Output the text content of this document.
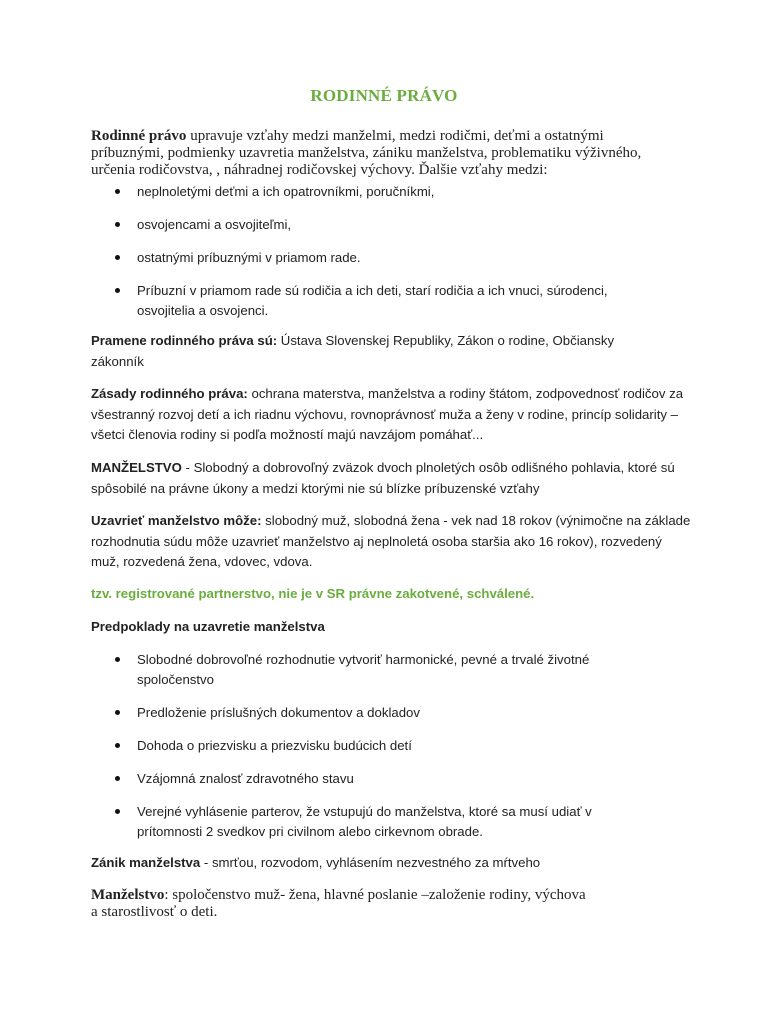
RODINNÉ PRÁVO
Rodinné právo upravuje vzťahy medzi manželmi, medzi rodičmi, deťmi a ostatnými
príbuznými, podmienky uzavretia manželstva, zániku manželstva, problematiku výživného,
určenia rodičovstva, , náhradnej rodičovskej výchovy. Ďalšie vzťahy medzi:
neplnoletými deťmi a ich opatrovníkmi, poručníkmi,
osvojencami a osvojiteľmi,
ostatnými príbuznými v priamom rade.
Príbuzní v priamom rade sú rodičia a ich deti, starí rodičia a ich vnuci, súrodenci, osvojitelia a osvojenci.
Pramene rodinného práva sú: Ústava Slovenskej Republiky, Zákon o rodine, Občiansky zákonník
Zásady rodinného práva: ochrana materstva, manželstva a rodiny štátom, zodpovednosť rodičov za všestranný rozvoj detí a ich riadnu výchovu, rovnoprávnosť muža a ženy v rodine, princíp solidarity – všetci členovia rodiny si podľa možností majú navzájom pomáhať...
MANŽELSTVO - Slobodný a dobrovoľný zväzok dvoch plnoletých osôb odlišného pohlavia, ktoré sú spôsobilé na právne úkony a medzi ktorými nie sú blízke príbuzenské vzťahy
Uzavrieť manželstvo môže: slobodný muž, slobodná žena - vek nad 18 rokov (výnimočne na základe rozhodnutia súdu môže uzavrieť manželstvo aj neplnoletá osoba staršia ako 16 rokov), rozvedený muž, rozvedená žena, vdovec, vdova.
tzv. registrované partnerstvo, nie je v SR právne zakotvené, schválené.
Predpoklady na uzavretie manželstva
Slobodné dobrovoľné rozhodnutie vytvoriť harmonické, pevné a trvalé životné spoločenstvo
Predloženie príslušných dokumentov a dokladov
Dohoda o priezvisku a priezvisku budúcich detí
Vzájomná znalosť zdravotného stavu
Verejné vyhlásenie parterov, že vstupujú do manželstva, ktoré sa musí udiať v prítomnosti 2 svedkov pri civilnom alebo cirkevnom obrade.
Zánik manželstva - smrťou, rozvodom, vyhlásením nezvestného za mŕtveho
Manželstvo: spoločenstvo muž- žena, hlavné poslanie –založenie rodiny, výchova
a starostlivosť o deti.
